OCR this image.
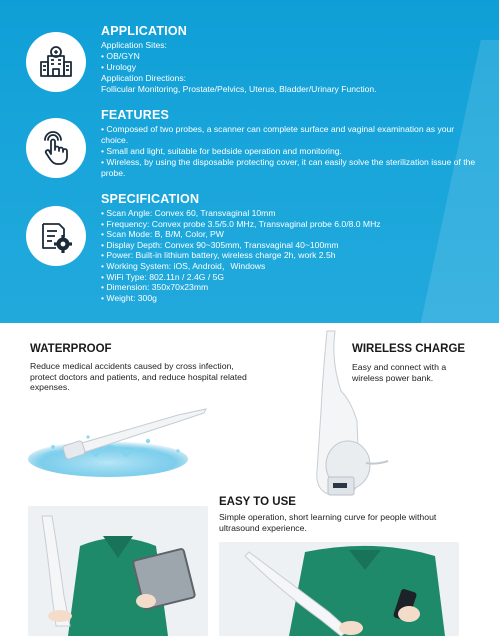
APPLICATION
Application Sites:
• OB/GYN
• Urology
Application Directions:
Follicular Monitoring, Prostate/Pelvics, Uterus, Bladder/Urinary Function.
FEATURES
• Composed of two probes, a scanner can complete surface and vaginal examination as your choice.
• Small and light, suitable for bedside operation and monitoring.
• Wireless, by using the disposable protecting cover, it can easily solve the sterilization issue of the probe.
SPECIFICATION
• Scan Angle: Convex 60, Transvaginal 10mm
• Frequency: Convex probe 3.5/5.0 MHz, Transvaginal probe 6.0/8.0 MHz
• Scan Mode: B, B/M, Color, PW
• Display Depth: Convex 90~305mm, Transvaginal 40~100mm
• Power: Built-in lithium battery, wireless charge 2h, work 2.5h
• Working System: iOS, Android，Windows
• WiFi Type: 802.11n / 2.4G / 5G
• Dimension: 350x70x23mm
• Weight: 300g
WATERPROOF
Reduce medical accidents caused by cross infection, protect doctors and patients, and reduce hospital related expenses.
WIRELESS CHARGE
Easy and connect with a wireless power bank.
EASY TO USE
Simple operation, short learning curve for people without ultrasound experience.
